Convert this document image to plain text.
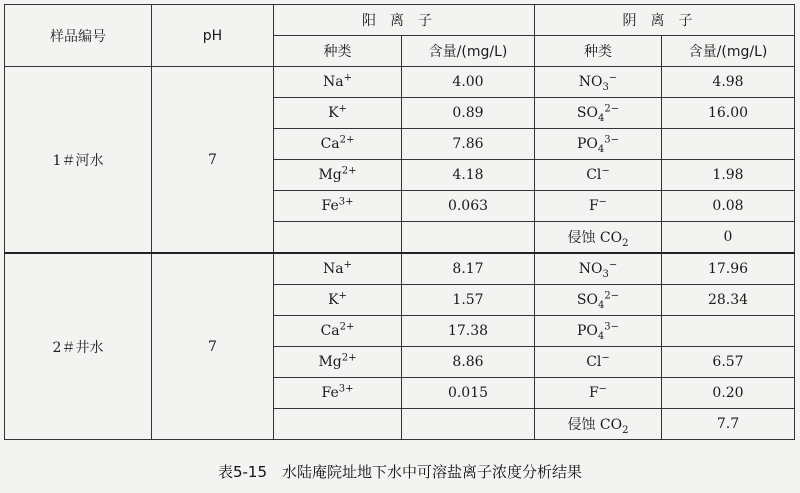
样品编号	pH	阳离子		阴离子	
		种类	含量/(mg/L)	种类	含量/(mg/L)
1＃河水	7	Na+	4.00	$NO_3^-$	4.98
		K+	0.89	$SO_4^{2-}$	16.00
		$Ca^{2+}$	7.86	$PO_4^{3-}$	
		$Mg^{2+}$	4.18	Cl−	1.98
		$Fe^{3+}$	0.063	F−	0.08
				侵蚀 $CO_2$	0
2＃井水	7	Na+	8.17	$NO_3^-$	17.96
		K+	1.57	$SO_4^{2-}$	28.34
		$Ca^{2+}$	17.38	$PO_4^{3-}$	
		$Mg^{2+}$	8.86	Cl−	6.57
		$Fe^{3+}$	0.015	F−	0.20
				侵蚀 $CO_2$	7.7
表5-15　水陆庵院址地下水中可溶盐离子浓度分析结果
